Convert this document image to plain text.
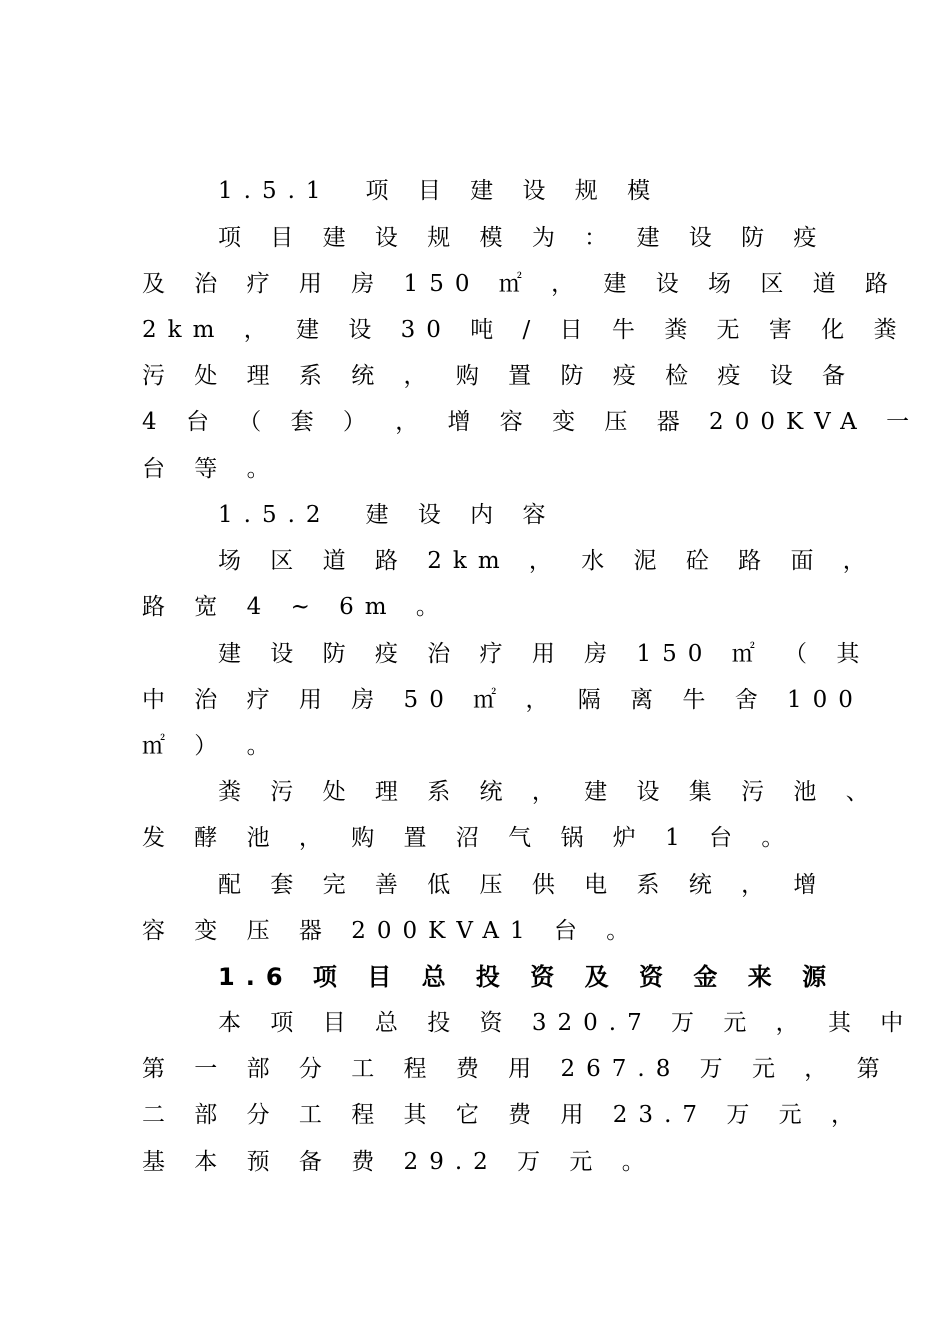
1.5.1　项 目 建 设 规 模
项 目 建 设 规 模 为 ： 建 设 防 疫
及 治 疗 用 房 150 ㎡ ， 建 设 场 区 道 路
2km ， 建 设 30 吨 / 日 牛 粪 无 害 化 粪
污 处 理 系 统 ， 购 置 防 疫 检 疫 设 备
4 台 （ 套 ） ， 增 容 变 压 器 200KVA 一
台 等 。
1.5.2　建 设 内 容
场 区 道 路 2km ， 水 泥 砼 路 面 ，
路 宽 4 ~ 6m 。
建 设 防 疫 治 疗 用 房 150 ㎡ （ 其
中 治 疗 用 房 50 ㎡ ， 隔 离 牛 舍 100
㎡ ） 。
粪 污 处 理 系 统 ， 建 设 集 污 池 、
发 酵 池 ， 购 置 沼 气 锅 炉 1 台 。
配 套 完 善 低 压 供 电 系 统 ， 增
容 变 压 器 200KVA1 台 。
1.6 项 目 总 投 资 及 资 金 来 源
本 项 目 总 投 资 320.7 万 元 ， 其 中
第 一 部 分 工 程 费 用 267.8 万 元 ， 第
二 部 分 工 程 其 它 费 用 23.7 万 元 ，
基 本 预 备 费 29.2 万 元 。
